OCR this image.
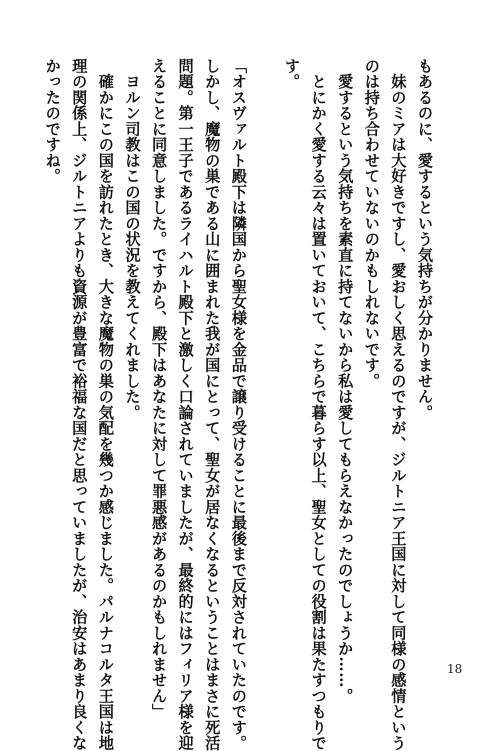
もあるのに、愛するという気持ちが分かりません。
　妹のミアは大好きですし、愛おしく思えるのですが、ジルトニア王国に対して同様の感情という
のは持ち合わせていないのかもしれないです。
　愛するという気持ちを素直に持てないから私は愛してもらえなかったのでしょうか……。
　とにかく愛する云々は置いておいて、こちらで暮らす以上、聖女としての役割は果たすつもりで
す。
「オスヴァルト殿下は隣国から聖女様を金品で譲り受けることに最後まで反対されていたのです。
しかし、魔物の巣である山に囲まれた我が国にとって、聖女が居なくなるということはまさに死活
問題。第一王子であるライハルト殿下と激しく口論されていましたが、最終的にはフィリア様を迎
えることに同意しました。ですから、殿下はあなたに対して罪悪感があるのかもしれません」
　ヨルン司教はこの国の状況を教えてくれました。
　確かにこの国を訪れたとき、大きな魔物の巣の気配を幾つか感じました。パルナコルタ王国は地
理の関係上、ジルトニアよりも資源が豊富で裕福な国だと思っていましたが、治安はあまり良くな
かったのですね。
18
